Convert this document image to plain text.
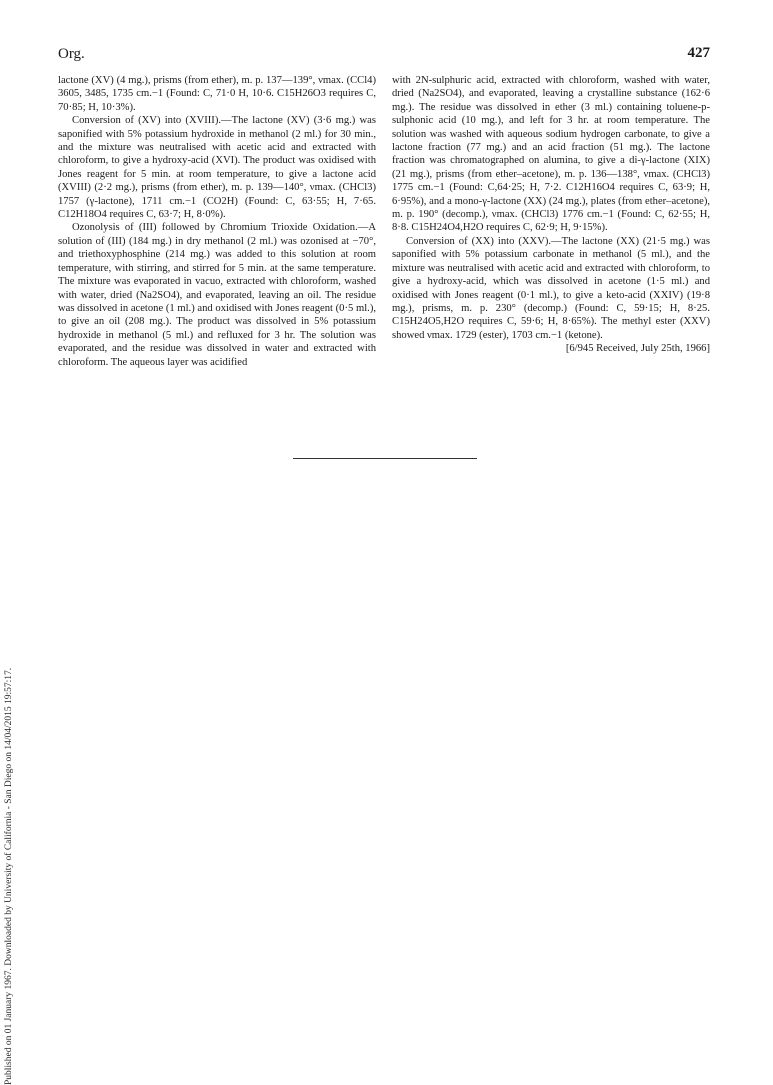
Published on 01 January 1967. Downloaded by University of California - San Diego on 14/04/2015 19:57:17.
Org.	427

lactone (XV) (4 mg.), prisms (from ether), m. p. 137—139°, νmax. (CCl4) 3605, 3485, 1735 cm.−1 (Found: C, 71·0 H, 10·6. C15H26O3 requires C, 70·85; H, 10·3%).

Conversion of (XV) into (XVIII).—The lactone (XV) (3·6 mg.) was saponified with 5% potassium hydroxide in methanol (2 ml.) for 30 min., and the mixture was neutralised with acetic acid and extracted with chloroform, to give a hydroxy-acid (XVI). The product was oxidised with Jones reagent for 5 min. at room temperature, to give a lactone acid (XVIII) (2·2 mg.), prisms (from ether), m. p. 139—140°, νmax. (CHCl3) 1757 (γ-lactone), 1711 cm.−1 (CO2H) (Found: C, 63·55; H, 7·65. C12H18O4 requires C, 63·7; H, 8·0%).

Ozonolysis of (III) followed by Chromium Trioxide Oxidation.—A solution of (III) (184 mg.) in dry methanol (2 ml.) was ozonised at −70°, and triethoxyphosphine (214 mg.) was added to this solution at room temperature, with stirring, and stirred for 5 min. at the same temperature. The mixture was evaporated in vacuo, extracted with chloroform, washed with water, dried (Na2SO4), and evaporated, leaving an oil. The residue was dissolved in acetone (1 ml.) and oxidised with Jones reagent (0·5 ml.), to give an oil (208 mg.). The product was dissolved in 5% potassium hydroxide in methanol (5 ml.) and refluxed for 3 hr. The solution was evaporated, and the residue was dissolved in water and extracted with chloroform. The aqueous layer was acidified

with 2N-sulphuric acid, extracted with chloroform, washed with water, dried (Na2SO4), and evaporated, leaving a crystalline substance (162·6 mg.). The residue was dissolved in ether (3 ml.) containing toluene-p-sulphonic acid (10 mg.), and left for 3 hr. at room temperature. The solution was washed with aqueous sodium hydrogen carbonate, to give a lactone fraction (77 mg.) and an acid fraction (51 mg.). The lactone fraction was chromatographed on alumina, to give a di-γ-lactone (XIX) (21 mg.), prisms (from ether–acetone), m. p. 136—138°, νmax. (CHCl3) 1775 cm.−1 (Found: C,64·25; H, 7·2. C12H16O4 requires C, 63·9; H, 6·95%), and a mono-γ-lactone (XX) (24 mg.), plates (from ether–acetone), m. p. 190° (decomp.), νmax. (CHCl3) 1776 cm.−1 (Found: C, 62·55; H, 8·8. C15H24O4,H2O requires C, 62·9; H, 9·15%).

Conversion of (XX) into (XXV).—The lactone (XX) (21·5 mg.) was saponified with 5% potassium carbonate in methanol (5 ml.), and the mixture was neutralised with acetic acid and extracted with chloroform, to give a hydroxy-acid, which was dissolved in acetone (1·5 ml.) and oxidised with Jones reagent (0·1 ml.), to give a keto-acid (XXIV) (19·8 mg.), prisms, m. p. 230° (decomp.) (Found: C, 59·15; H, 8·25. C15H24O5,H2O requires C, 59·6; H, 8·65%). The methyl ester (XXV) showed νmax. 1729 (ester), 1703 cm.−1 (ketone).

[6/945 Received, July 25th, 1966]
